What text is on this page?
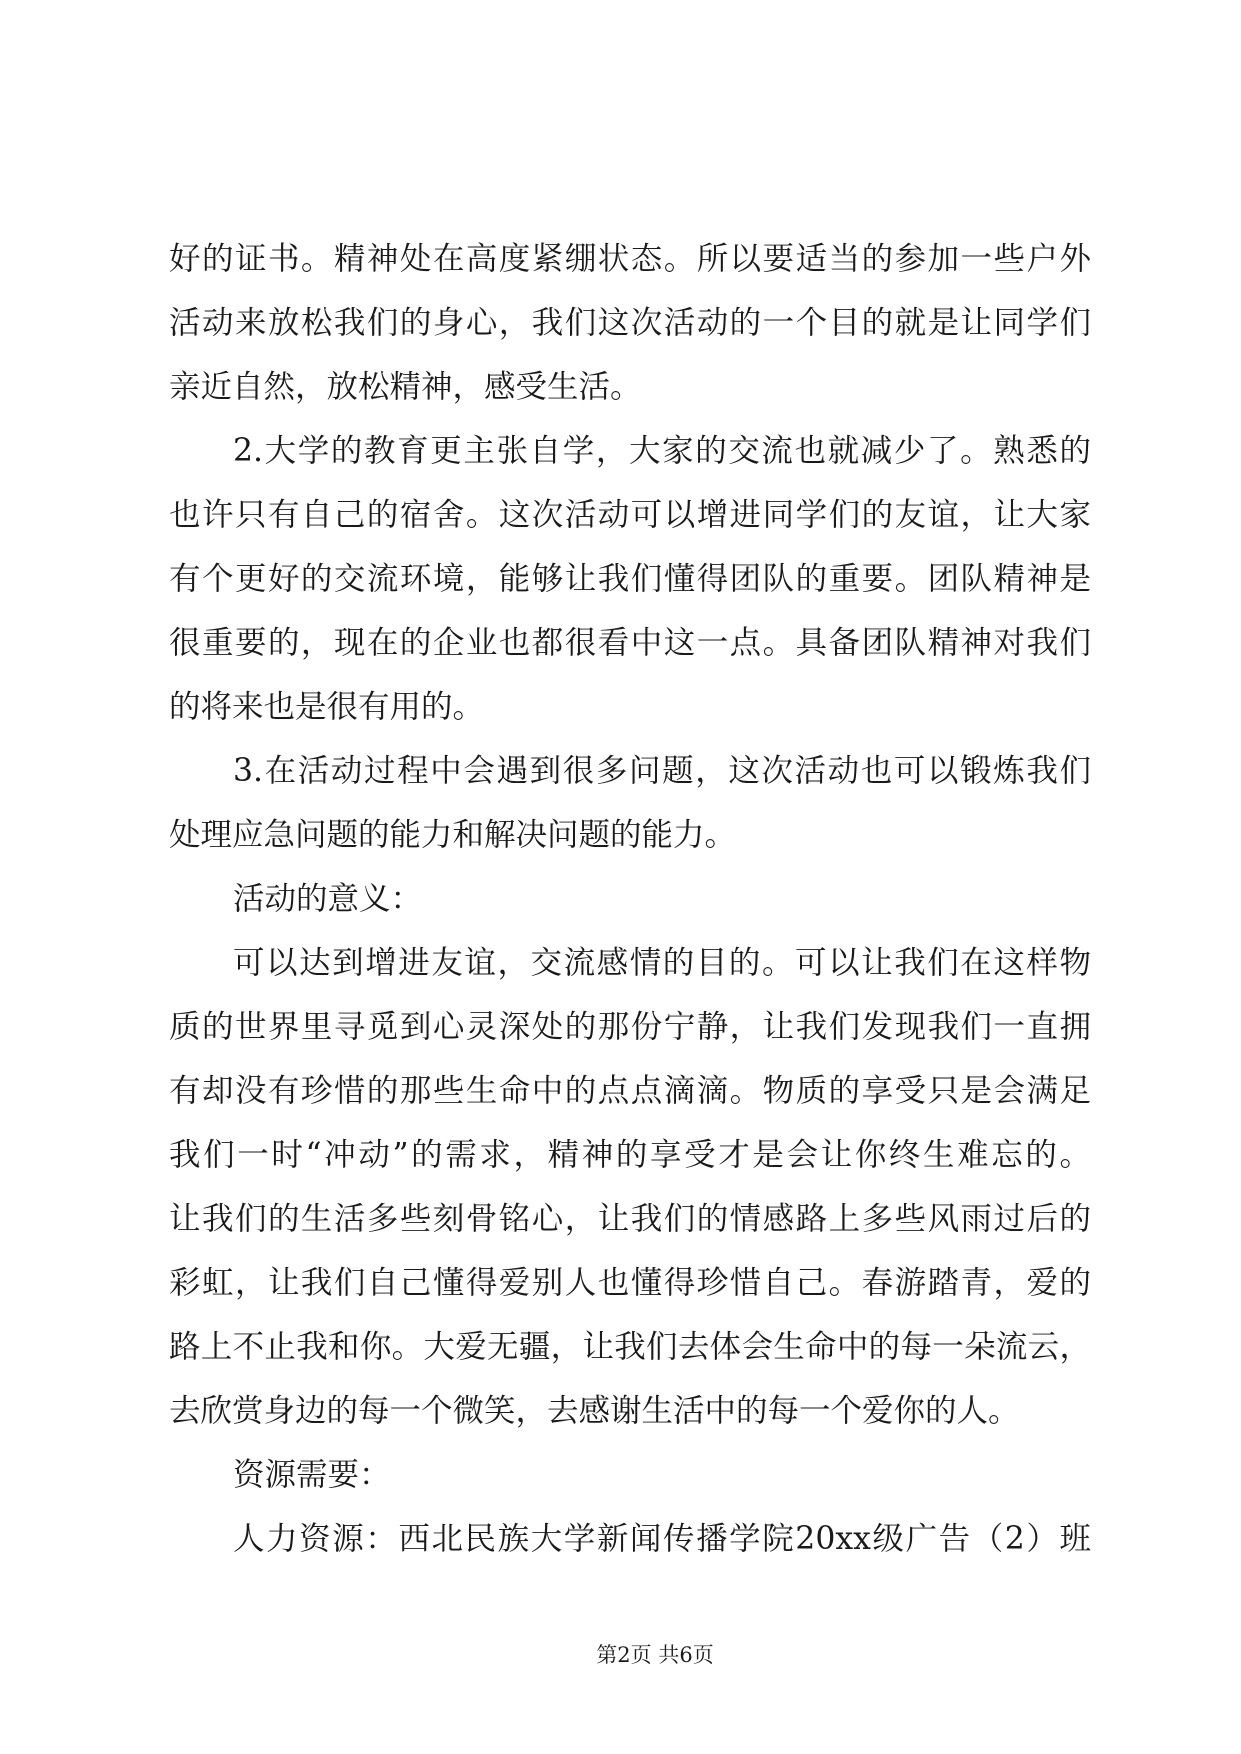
好的证书。精神处在高度紧绷状态。所以要适当的参加一些户外
活动来放松我们的身心，我们这次活动的一个目的就是让同学们
亲近自然，放松精神，感受生活。
2.大学的教育更主张自学，大家的交流也就减少了。熟悉的
也许只有自己的宿舍。这次活动可以增进同学们的友谊，让大家
有个更好的交流环境，能够让我们懂得团队的重要。团队精神是
很重要的，现在的企业也都很看中这一点。具备团队精神对我们
的将来也是很有用的。
3.在活动过程中会遇到很多问题，这次活动也可以锻炼我们
处理应急问题的能力和解决问题的能力。
活动的意义：
可以达到增进友谊，交流感情的目的。可以让我们在这样物
质的世界里寻觅到心灵深处的那份宁静，让我们发现我们一直拥
有却没有珍惜的那些生命中的点点滴滴。物质的享受只是会满足
我们一时“冲动”的需求，精神的享受才是会让你终生难忘的。
让我们的生活多些刻骨铭心，让我们的情感路上多些风雨过后的
彩虹，让我们自己懂得爱别人也懂得珍惜自己。春游踏青，爱的
路上不止我和你。大爱无疆，让我们去体会生命中的每一朵流云，
去欣赏身边的每一个微笑，去感谢生活中的每一个爱你的人。
资源需要：
人力资源：西北民族大学新闻传播学院20xx级广告（2）班
第2页 共6页
